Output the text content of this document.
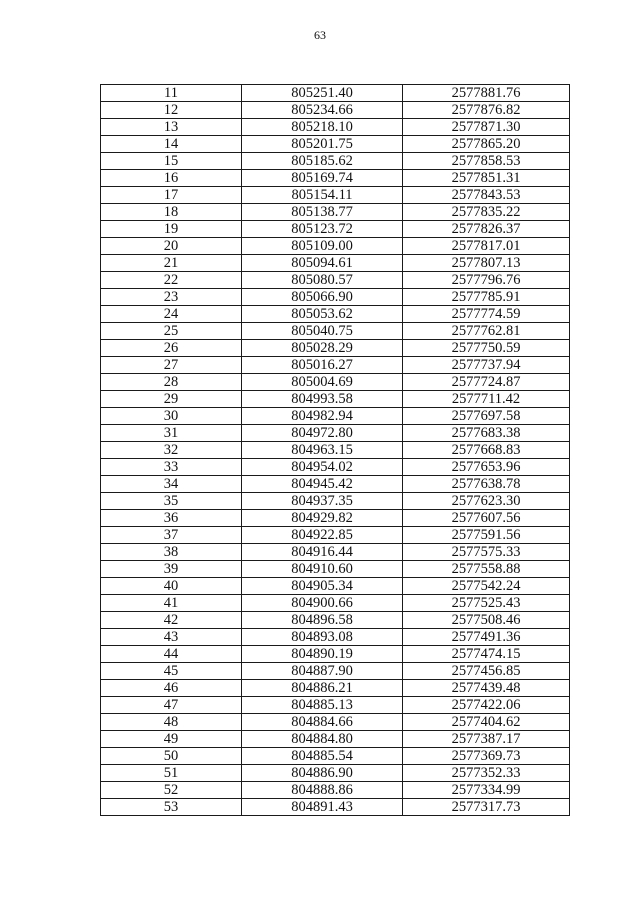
63
11	805251.40	2577881.76
12	805234.66	2577876.82
13	805218.10	2577871.30
14	805201.75	2577865.20
15	805185.62	2577858.53
16	805169.74	2577851.31
17	805154.11	2577843.53
18	805138.77	2577835.22
19	805123.72	2577826.37
20	805109.00	2577817.01
21	805094.61	2577807.13
22	805080.57	2577796.76
23	805066.90	2577785.91
24	805053.62	2577774.59
25	805040.75	2577762.81
26	805028.29	2577750.59
27	805016.27	2577737.94
28	805004.69	2577724.87
29	804993.58	2577711.42
30	804982.94	2577697.58
31	804972.80	2577683.38
32	804963.15	2577668.83
33	804954.02	2577653.96
34	804945.42	2577638.78
35	804937.35	2577623.30
36	804929.82	2577607.56
37	804922.85	2577591.56
38	804916.44	2577575.33
39	804910.60	2577558.88
40	804905.34	2577542.24
41	804900.66	2577525.43
42	804896.58	2577508.46
43	804893.08	2577491.36
44	804890.19	2577474.15
45	804887.90	2577456.85
46	804886.21	2577439.48
47	804885.13	2577422.06
48	804884.66	2577404.62
49	804884.80	2577387.17
50	804885.54	2577369.73
51	804886.90	2577352.33
52	804888.86	2577334.99
53	804891.43	2577317.73
